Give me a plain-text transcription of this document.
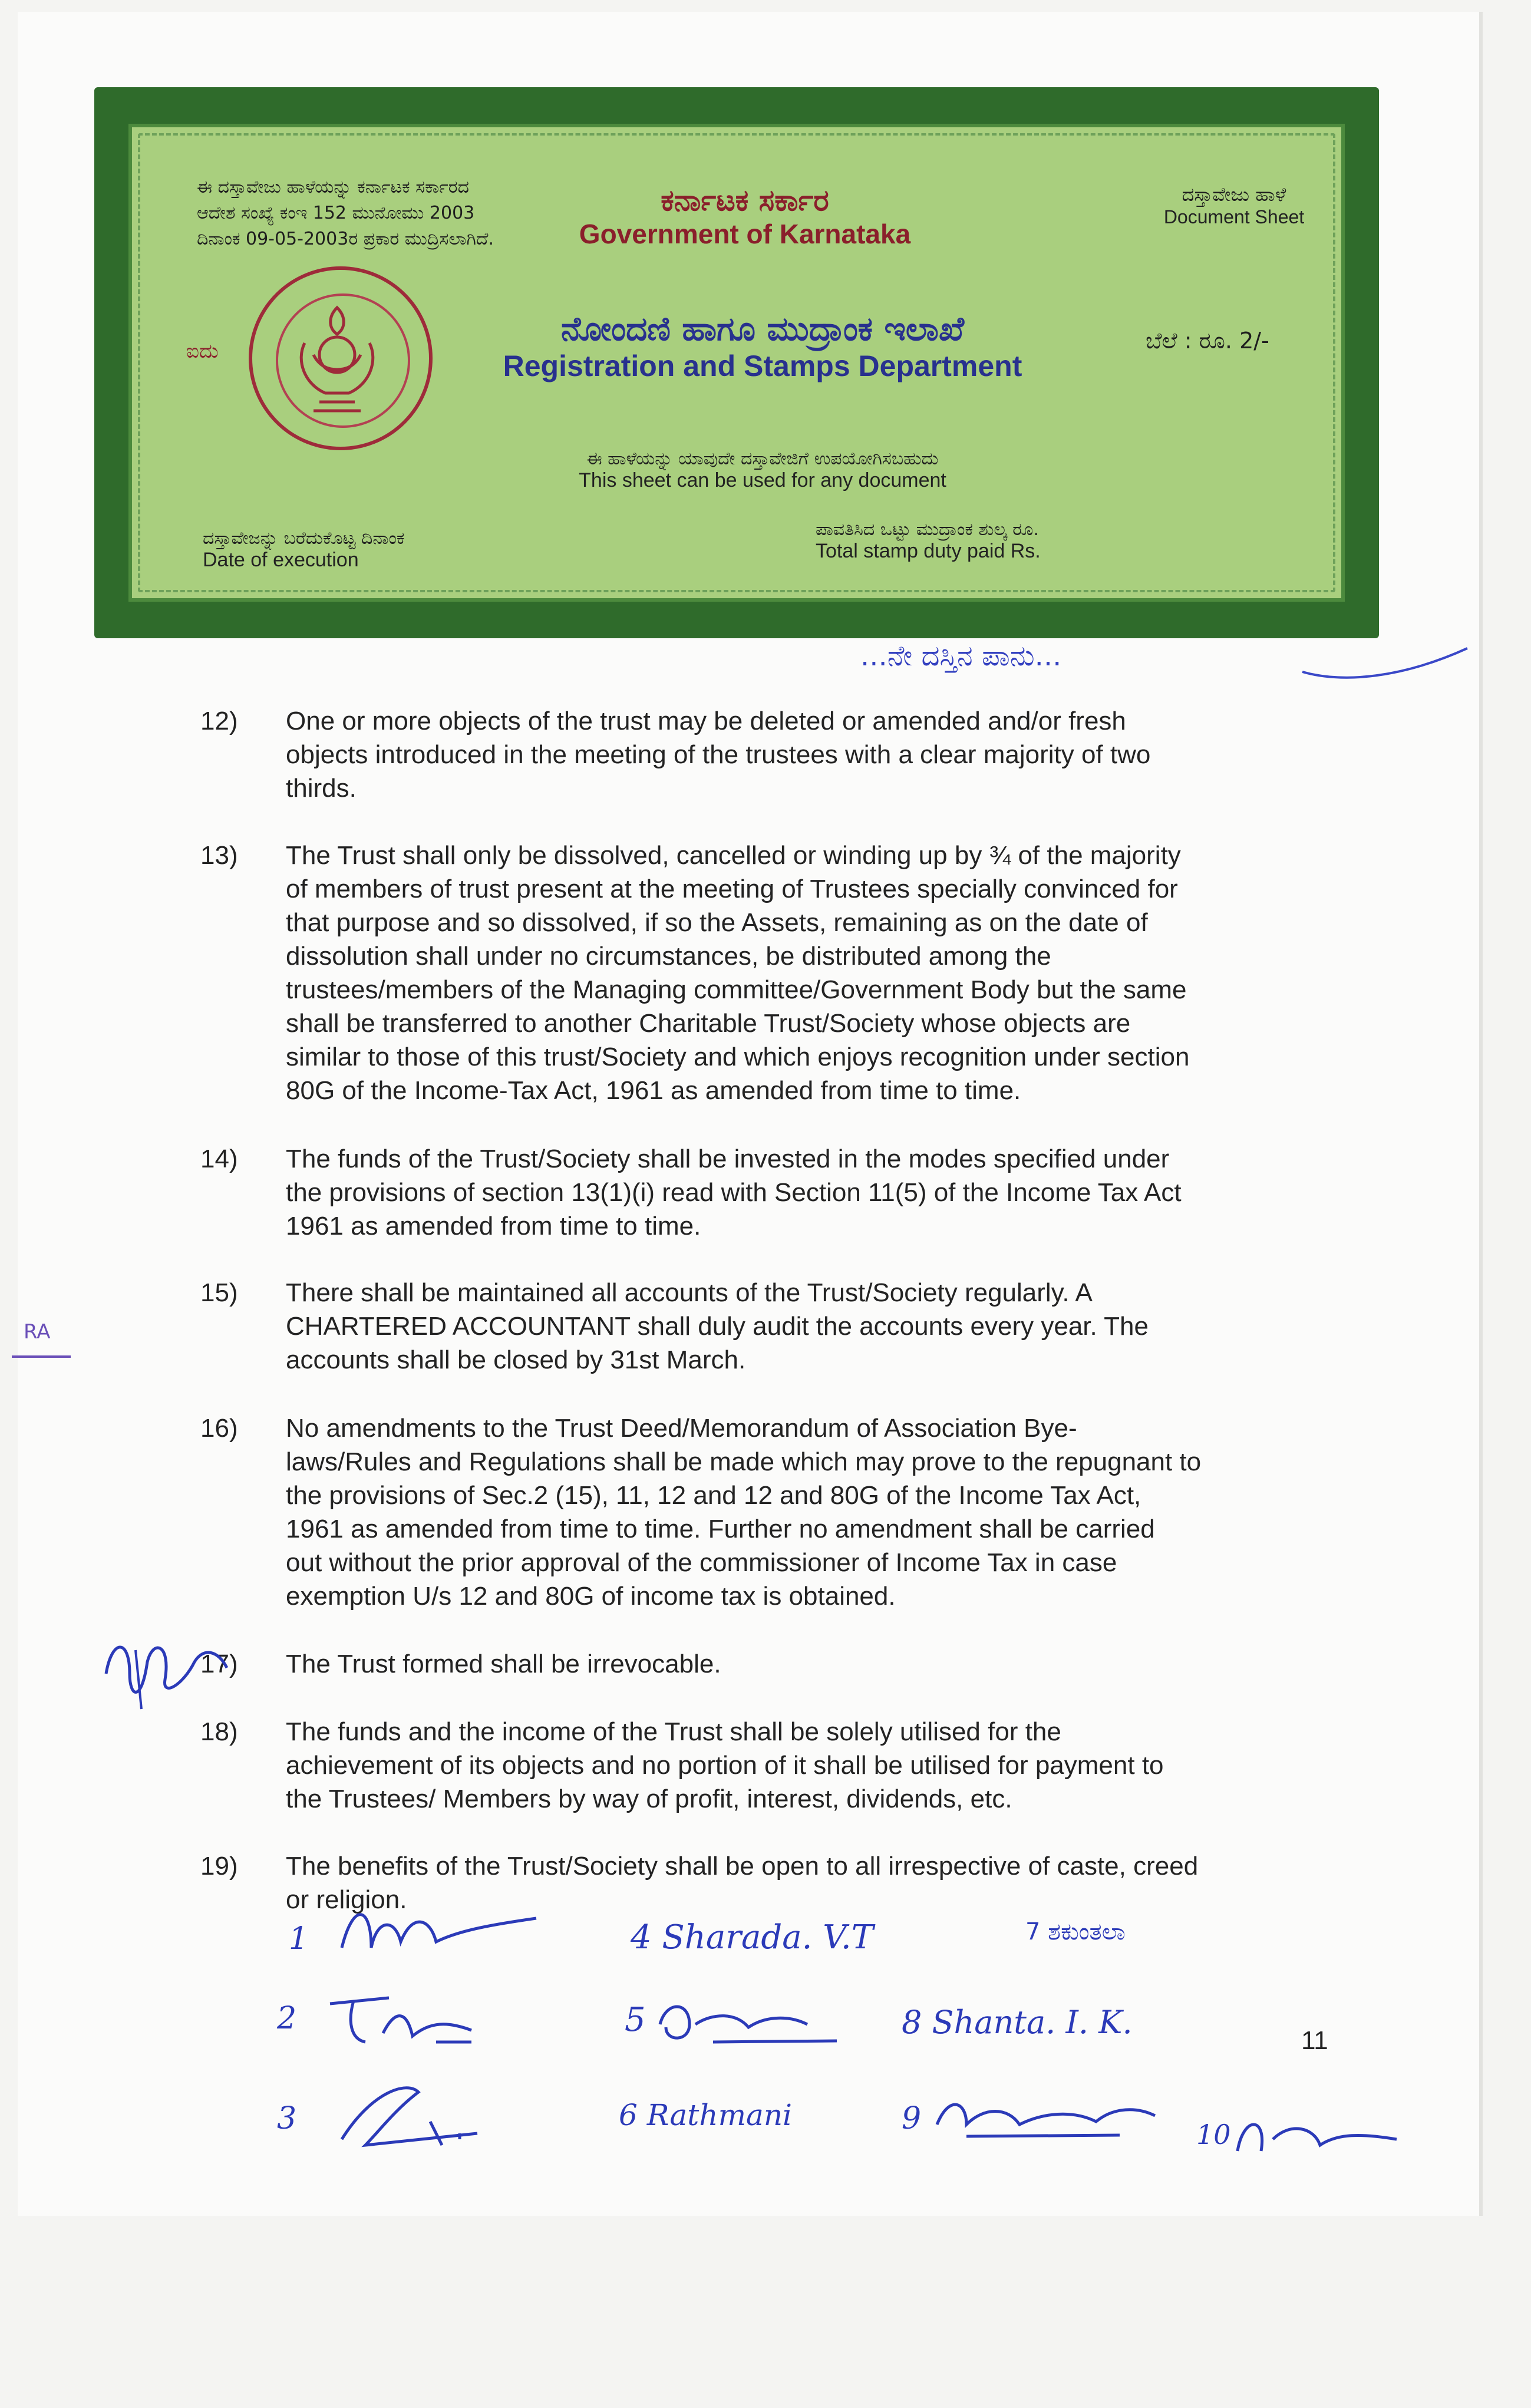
ಈ ದಸ್ತಾವೇಜು ಹಾಳೆಯನ್ನು ಕರ್ನಾಟಕ ಸರ್ಕಾರದ
ಆದೇಶ ಸಂಖ್ಯೆ ಕಂಇ 152 ಮುನೋಮು 2003
ದಿನಾಂಕ 09-05-2003ರ ಪ್ರಕಾರ ಮುದ್ರಿಸಲಾಗಿದೆ.
ಕರ್ನಾಟಕ ಸರ್ಕಾರ
Government of Karnataka
ದಸ್ತಾವೇಜು ಹಾಳೆ
Document Sheet
ಐದು
ನೋಂದಣಿ ಹಾಗೂ ಮುದ್ರಾಂಕ ಇಲಾಖೆ
Registration and Stamps Department
ಬೆಲೆ : ರೂ. 2/-
ಈ ಹಾಳೆಯನ್ನು ಯಾವುದೇ ದಸ್ತಾವೇಜಿಗೆ ಉಪಯೋಗಿಸಬಹುದು
This sheet can be used for any document
ದಸ್ತಾವೇಜನ್ನು ಬರೆದುಕೊಟ್ಟ ದಿನಾಂಕ
Date of execution
ಪಾವತಿಸಿದ ಒಟ್ಟು ಮುದ್ರಾಂಕ ಶುಲ್ಕ ರೂ.
Total stamp duty paid Rs.
...ನೇ ದಸ್ತಿನ ಪಾನು...
12) One or more objects of the trust may be deleted or amended and/or fresh
objects introduced in the meeting of the trustees with a clear majority of two
thirds.
13) The Trust shall only be dissolved, cancelled or winding up by ¾ of the majority
of members of trust present at the meeting of Trustees specially convinced for
that purpose and so dissolved, if so the Assets, remaining as on the date of
dissolution shall under no circumstances, be distributed among the
trustees/members of the Managing committee/Government Body but the same
shall be transferred to another Charitable Trust/Society whose objects are
similar to those of this trust/Society and which enjoys recognition under section
80G of the Income-Tax Act, 1961 as amended from time to time.
14) The funds of the Trust/Society shall be invested in the modes specified under
the provisions of section 13(1)(i) read with Section 11(5) of the Income Tax Act
1961 as amended from time to time.
15) There shall be maintained all accounts of the Trust/Society regularly. A
CHARTERED ACCOUNTANT shall duly audit the accounts every year. The
accounts shall be closed by 31st March.
16) No amendments to the Trust Deed/Memorandum of Association Bye-
laws/Rules and Regulations shall be made which may prove to the repugnant to
the provisions of Sec.2 (15), 11, 12 and 12 and 80G of the Income Tax Act,
1961 as amended from time to time. Further no amendment shall be carried
out without the prior approval of the commissioner of Income Tax in case
exemption U/s 12 and 80G of income tax is obtained.
17) The Trust formed shall be irrevocable.
18) The funds and the income of the Trust shall be solely utilised for the
achievement of its objects and no portion of it shall be utilised for payment to
the Trustees/ Members by way of profit, interest, dividends, etc.
19) The benefits of the Trust/Society shall be open to all irrespective of caste, creed
or religion.
1
2
3
4 Sharada. V.T	7 ಶಕುಂತಲಾ
5	8 Shanta. I. K.
6 Rathmani	9	10
11
RA
